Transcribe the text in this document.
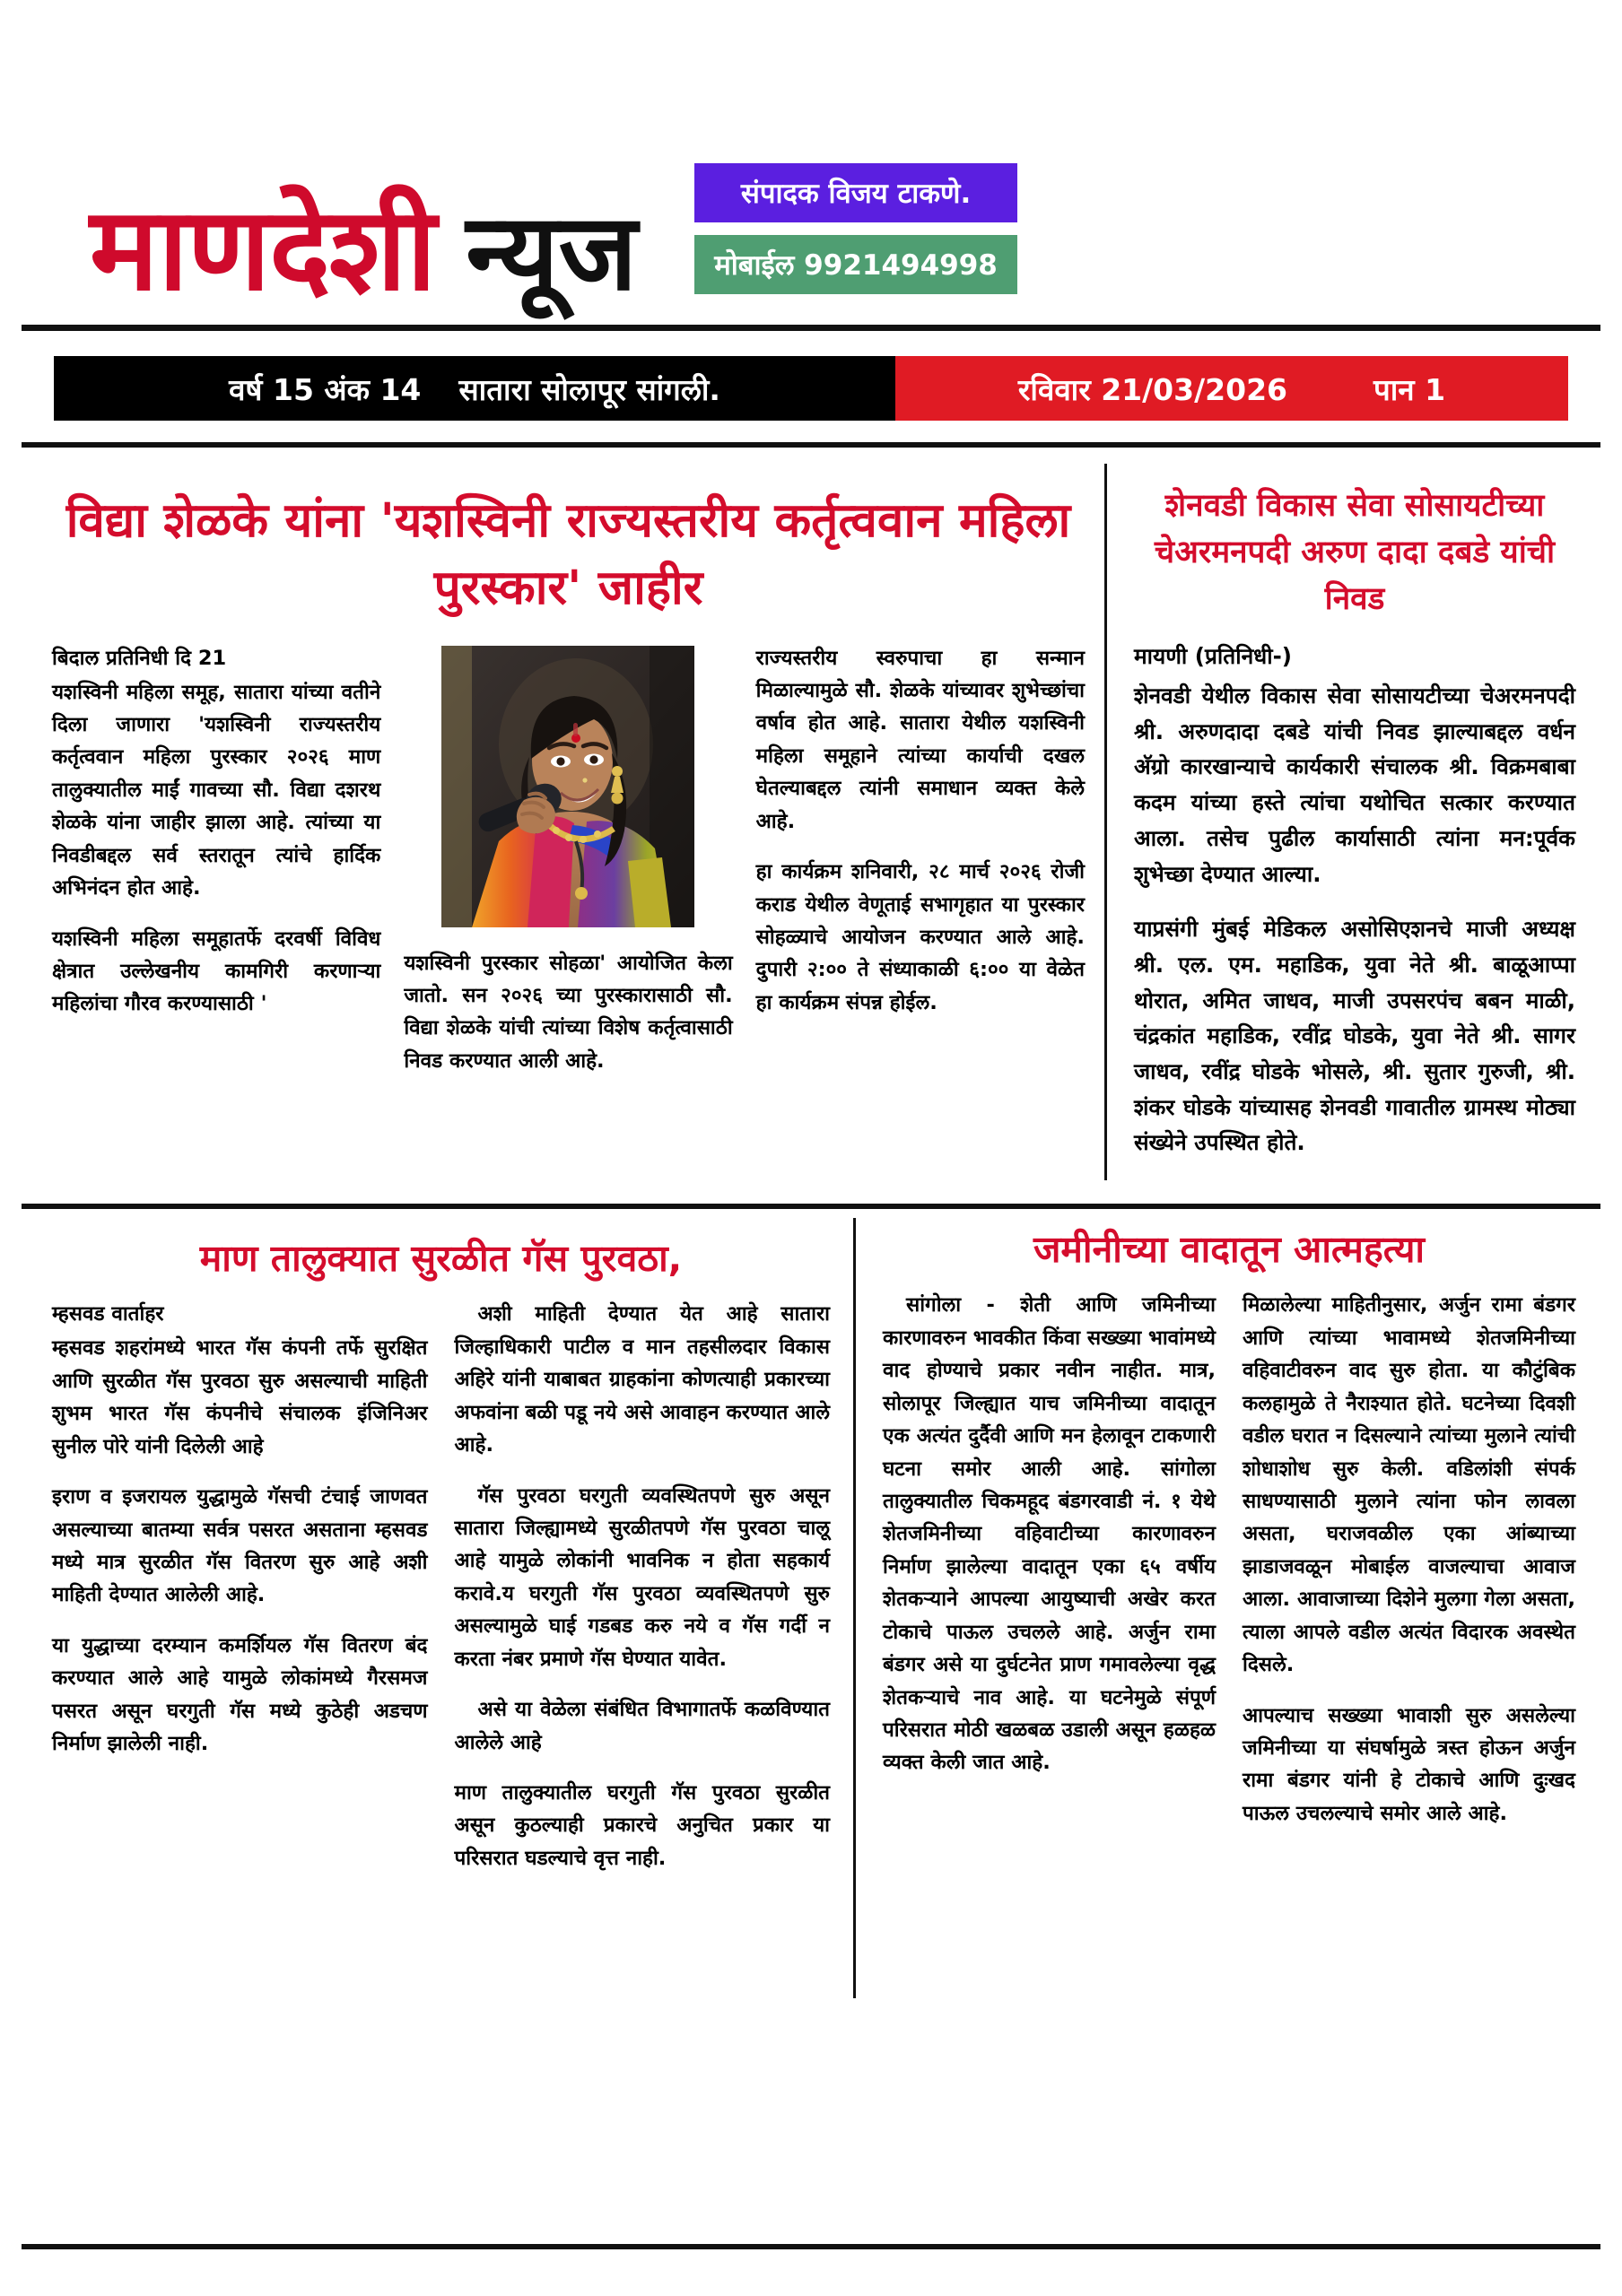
माणदेशी न्यूज	संपादक विजय टाकणे.
मोबाईल 9921494998
वर्ष 15 अंक 14 सातारा सोलापूर सांगली.	रविवार 21/03/2026	पान 1
विद्या शेळके यांना 'यशस्विनी राज्यस्तरीय कर्तृत्ववान महिला पुरस्कार' जाहीर

बिदाल प्रतिनिधी दि 21

यशस्विनी महिला समूह, सातारा यांच्या वतीने दिला जाणारा 'यशस्विनी राज्यस्तरीय कर्तृत्ववान महिला पुरस्कार २०२६ माण तालुक्यातील माईं गावच्या सौ. विद्या दशरथ शेळके यांना जाहीर झाला आहे. त्यांच्या या निवडीबद्दल सर्व स्तरातून त्यांचे हार्दिक अभिनंदन होत आहे.

यशस्विनी महिला समूहातर्फे दरवर्षी विविध क्षेत्रात उल्लेखनीय कामगिरी करणाऱ्या महिलांचा गौरव करण्यासाठी '

यशस्विनी पुरस्कार सोहळा' आयोजित केला जातो. सन २०२६ च्या पुरस्कारासाठी सौ. विद्या शेळके यांची त्यांच्या विशेष कर्तृत्वासाठी निवड करण्यात आली आहे.

राज्यस्तरीय स्वरुपाचा हा सन्मान मिळाल्यामुळे सौ. शेळके यांच्यावर शुभेच्छांचा वर्षाव होत आहे. सातारा येथील यशस्विनी महिला समूहाने त्यांच्या कार्याची दखल घेतल्याबद्दल त्यांनी समाधान व्यक्त केले आहे.

हा कार्यक्रम शनिवारी, २८ मार्च २०२६ रोजी कराड येथील वेणूताई सभागृहात या पुरस्कार सोहळ्याचे आयोजन करण्यात आले आहे. दुपारी २:०० ते संध्याकाळी ६:०० या वेळेत हा कार्यक्रम संपन्न होईल.

शेनवडी विकास सेवा सोसायटीच्या चेअरमनपदी अरुण दादा दबडे यांची निवड

मायणी (प्रतिनिधी-)

शेनवडी येथील विकास सेवा सोसायटीच्या चेअरमनपदी श्री. अरुणदादा दबडे यांची निवड झाल्याबद्दल वर्धन अ‍ॅग्रो कारखान्याचे कार्यकारी संचालक श्री. विक्रमबाबा कदम यांच्या हस्ते त्यांचा यथोचित सत्कार करण्यात आला. तसेच पुढील कार्यासाठी त्यांना मन:पूर्वक शुभेच्छा देण्यात आल्या.

याप्रसंगी मुंबई मेडिकल असोसिएशनचे माजी अध्यक्ष श्री. एल. एम. महाडिक, युवा नेते श्री. बाळूआप्पा थोरात, अमित जाधव, माजी उपसरपंच बबन माळी, चंद्रकांत महाडिक, रवींद्र घोडके, युवा नेते श्री. सागर जाधव, रवींद्र घोडके भोसले, श्री. सुतार गुरुजी, श्री. शंकर घोडके यांच्यासह शेनवडी गावातील ग्रामस्थ मोठ्या संख्येने उपस्थित होते.

माण तालुक्यात सुरळीत गॅस पुरवठा,

म्हसवड वार्ताहर

म्हसवड शहरांमध्ये भारत गॅस कंपनी तर्फे सुरक्षित आणि सुरळीत गॅस पुरवठा सुरु असल्याची माहिती शुभम भारत गॅस कंपनीचे संचालक इंजिनिअर सुनील पोरे यांनी दिलेली आहे

इराण व इजरायल युद्धामुळे गॅसची टंचाई जाणवत असल्याच्या बातम्या सर्वत्र पसरत असताना म्हसवड मध्ये मात्र सुरळीत गॅस वितरण सुरु आहे अशी माहिती देण्यात आलेली आहे.

या युद्धाच्या दरम्यान कमर्शियल गॅस वितरण बंद करण्यात आले आहे यामुळे लोकांमध्ये गैरसमज पसरत असून घरगुती गॅस मध्ये कुठेही अडचण निर्माण झालेली नाही.

अशी माहिती देण्यात येत आहे सातारा जिल्हाधिकारी पाटील व मान तहसीलदार विकास अहिरे यांनी याबाबत ग्राहकांना कोणत्याही प्रकारच्या अफवांना बळी पडू नये असे आवाहन करण्यात आले आहे.

गॅस पुरवठा घरगुती व्यवस्थितपणे सुरु असून सातारा जिल्ह्यामध्ये सुरळीतपणे गॅस पुरवठा चालू आहे यामुळे लोकांनी भावनिक न होता सहकार्य करावे.य घरगुती गॅस पुरवठा व्यवस्थितपणे सुरु असल्यामुळे घाई गडबड करु नये व गॅस गर्दी न करता नंबर प्रमाणे गॅस घेण्यात यावेत.

असे या वेळेला संबंधित विभागातर्फे कळविण्यात आलेले आहे

माण तालुक्यातील घरगुती गॅस पुरवठा सुरळीत असून कुठल्याही प्रकारचे अनुचित प्रकार या परिसरात घडल्याचे वृत्त नाही.

जमीनीच्या वादातून आत्महत्या

सांगोला - शेती आणि जमिनीच्या कारणावरुन भावकीत किंवा सख्ख्या भावांमध्ये वाद होण्याचे प्रकार नवीन नाहीत. मात्र, सोलापूर जिल्ह्यात याच जमिनीच्या वादातून एक अत्यंत दुर्दैवी आणि मन हेलावून टाकणारी घटना समोर आली आहे. सांगोला तालुक्यातील चिकमहूद बंडगरवाडी नं. १ येथे शेतजमिनीच्या वहिवाटीच्या कारणावरुन निर्माण झालेल्या वादातून एका ६५ वर्षीय शेतकऱ्याने आपल्या आयुष्याची अखेर करत टोकाचे पाऊल उचलले आहे. अर्जुन रामा बंडगर असे या दुर्घटनेत प्राण गमावलेल्या वृद्ध शेतकऱ्याचे नाव आहे. या घटनेमुळे संपूर्ण परिसरात मोठी खळबळ उडाली असून हळहळ व्यक्त केली जात आहे.

मिळालेल्या माहितीनुसार, अर्जुन रामा बंडगर आणि त्यांच्या भावामध्ये शेतजमिनीच्या वहिवाटीवरुन वाद सुरु होता. या कौटुंबिक कलहामुळे ते नैराश्यात होते. घटनेच्या दिवशी वडील घरात न दिसल्याने त्यांच्या मुलाने त्यांची शोधाशोध सुरु केली. वडिलांशी संपर्क साधण्यासाठी मुलाने त्यांना फोन लावला असता, घराजवळील एका आंब्याच्या झाडाजवळून मोबाईल वाजल्याचा आवाज आला. आवाजाच्या दिशेने मुलगा गेला असता, त्याला आपले वडील अत्यंत विदारक अवस्थेत दिसले.

आपल्याच सख्ख्या भावाशी सुरु असलेल्या जमिनीच्या या संघर्षामुळे त्रस्त होऊन अर्जुन रामा बंडगर यांनी हे टोकाचे आणि दुःखद पाऊल उचलल्याचे समोर आले आहे.
